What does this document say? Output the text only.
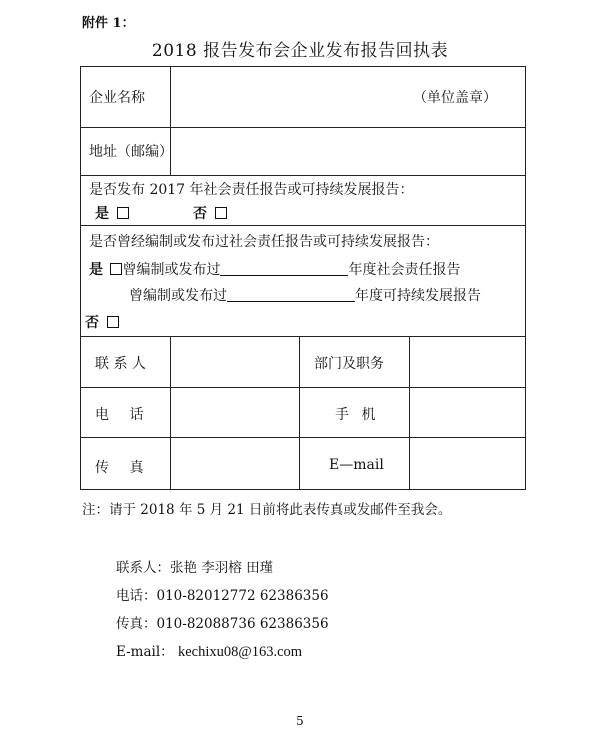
附件 1：
2018 报告发布会企业发布报告回执表
企业名称	（单位盖章）
地址（邮编）
是否发布 2017 年社会责任报告或可持续发展报告：
是	否
是否曾经编制或发布过社会责任报告或可持续发展报告：
是 曾编制或发布过	年度社会责任报告
曾编制或发布过	年度可持续发展报告
否
联 系 人	部门及职务
电 话	手 机
传 真	E—mail
注：请于 2018 年 5 月 21 日前将此表传真或发邮件至我会。
联系人：张艳 李羽榕 田瑾
电话：010-82012772 62386356
传真：010-82088736 62386356
E-mail： kechixu08@163.com
5
